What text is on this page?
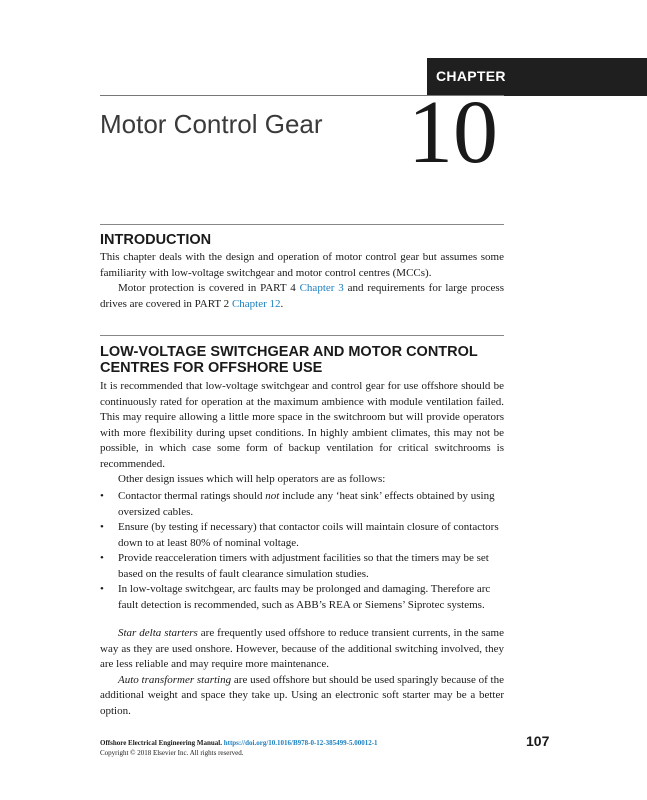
CHAPTER
Motor Control Gear 10
INTRODUCTION
This chapter deals with the design and operation of motor control gear but assumes some familiarity with low-voltage switchgear and motor control centres (MCCs).
Motor protection is covered in PART 4 Chapter 3 and requirements for large process drives are covered in PART 2 Chapter 12.
LOW-VOLTAGE SWITCHGEAR AND MOTOR CONTROL CENTRES FOR OFFSHORE USE
It is recommended that low-voltage switchgear and control gear for use offshore should be continuously rated for operation at the maximum ambience with module ventilation failed. This may require allowing a little more space in the switchroom but will provide operators with more flexibility during upset conditions. In highly ambient climates, this may not be possible, in which case some form of backup ventilation for critical switchrooms is recommended.
Other design issues which will help operators are as follows:
• Contactor thermal ratings should not include any ‘heat sink’ effects obtained by using oversized cables.
• Ensure (by testing if necessary) that contactor coils will maintain closure of contactors down to at least 80% of nominal voltage.
• Provide reacceleration timers with adjustment facilities so that the timers may be set based on the results of fault clearance simulation studies.
• In low-voltage switchgear, arc faults may be prolonged and damaging. Therefore arc fault detection is recommended, such as ABB’s REA or Siemens’ Siprotec systems.
Star delta starters are frequently used offshore to reduce transient currents, in the same way as they are used onshore. However, because of the additional switching involved, they are less reliable and may require more maintenance.
Auto transformer starting are used offshore but should be used sparingly because of the additional weight and space they take up. Using an electronic soft starter may be a better option.
Offshore Electrical Engineering Manual. https://doi.org/10.1016/B978-0-12-385499-5.00012-1
Copyright © 2018 Elsevier Inc. All rights reserved.
107
